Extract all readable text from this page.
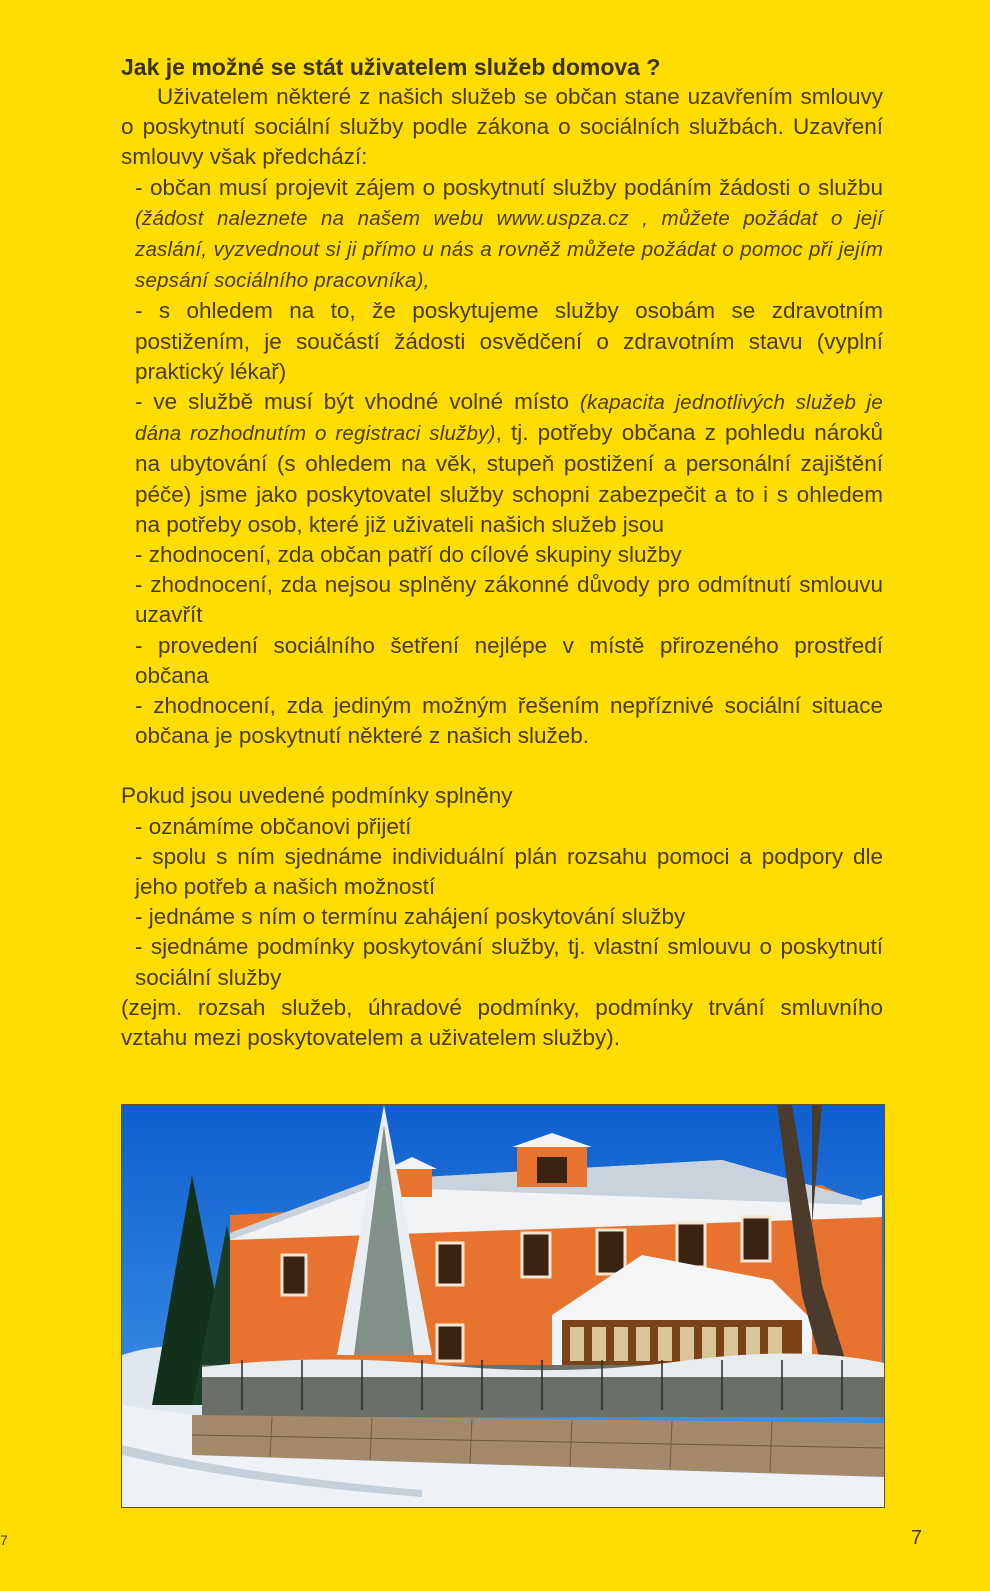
Jak je možné se stát uživatelem služeb domova ?

Uživatelem některé z našich služeb se občan stane uzavřením smlouvy o poskytnutí sociální služby podle zákona o sociálních službách. Uzavření smlouvy však předchází:

- občan musí projevit zájem o poskytnutí služby podáním žádosti o službu (žádost naleznete na našem webu www.uspza.cz , můžete požádat o její zaslání, vyzvednout si ji přímo u nás a rovněž můžete požádat o pomoc při jejím sepsání sociálního pracovníka),

- s ohledem na to, že poskytujeme služby osobám se zdravotním postižením, je součástí žádosti osvědčení o zdravotním stavu (vyplní praktický lékař)

- ve službě musí být vhodné volné místo (kapacita jednotlivých služeb je dána rozhodnutím o registraci služby), tj. potřeby občana z pohledu nároků na ubytování (s ohledem na věk, stupeň postižení a personální zajištění péče) jsme jako poskytovatel služby schopni zabezpečit a to i s ohledem na potřeby osob, které již uživateli našich služeb jsou

- zhodnocení, zda občan patří do cílové skupiny služby

- zhodnocení, zda nejsou splněny zákonné důvody pro odmítnutí smlouvu uzavřít

- provedení sociálního šetření nejlépe v místě přirozeného prostředí občana

- zhodnocení, zda jediným možným řešením nepříznivé sociální situace občana je poskytnutí některé z našich služeb.

Pokud jsou uvedené podmínky splněny

- oznámíme občanovi přijetí

- spolu s ním sjednáme individuální plán rozsahu pomoci a podpory dle jeho potřeb a našich možností

- jednáme s ním o termínu zahájení poskytování služby

- sjednáme podmínky poskytování služby, tj. vlastní smlouvu o poskytnutí sociální služby

(zejm. rozsah služeb, úhradové podmínky, podmínky trvání smluvního vztahu mezi poskytovatelem a uživatelem služby).

7
7
